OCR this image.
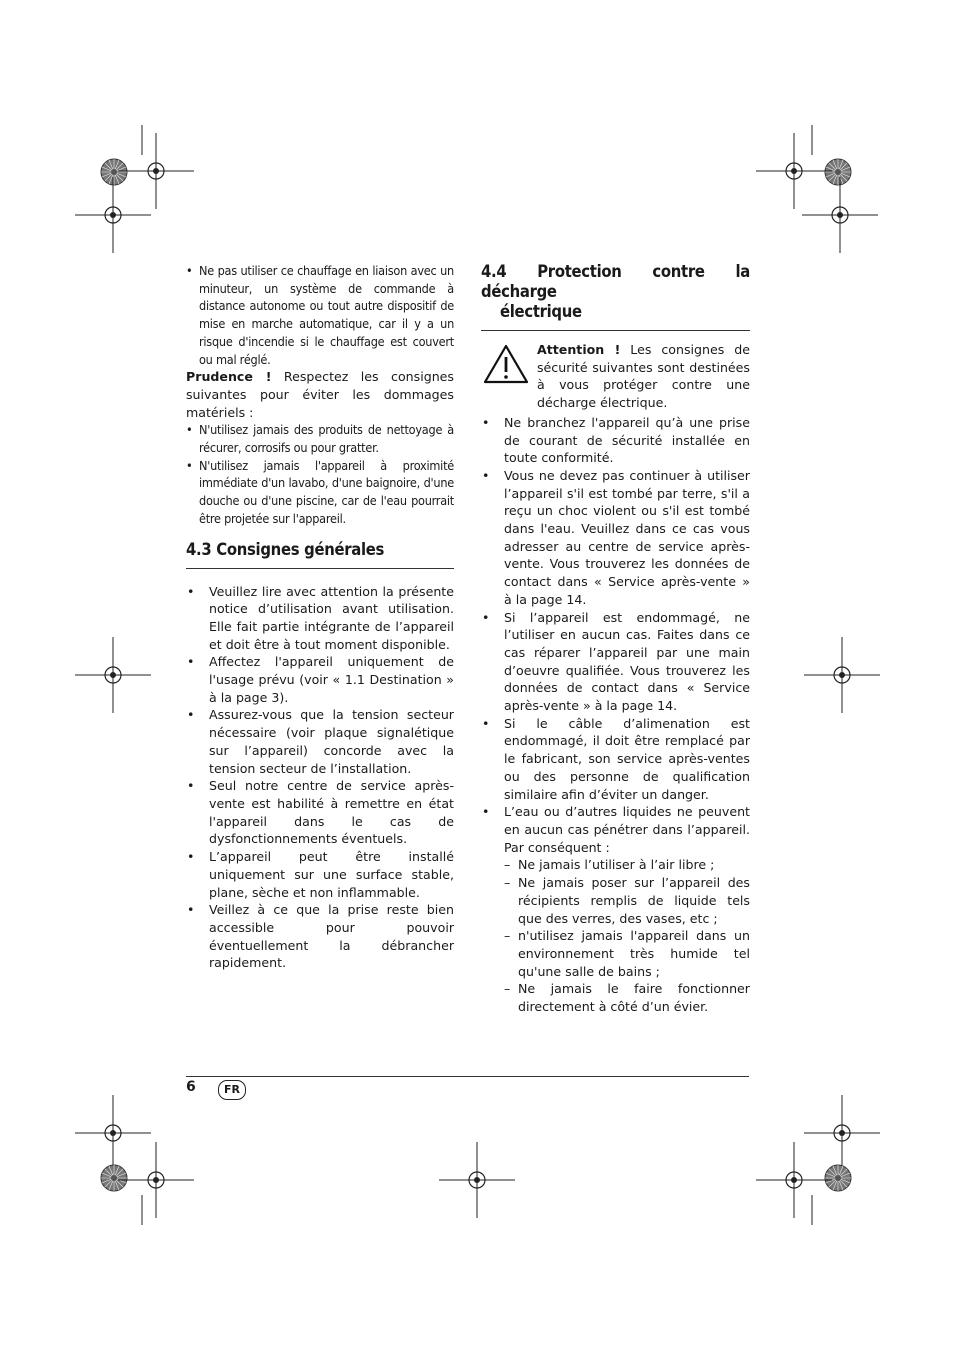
• Ne pas utiliser ce chauffage en liaison avec un minuteur, un système de commande à distance autonome ou tout autre dispositif de mise en marche automatique, car il y a un risque d'incendie si le chauffage est couvert ou mal réglé.

Prudence ! Respectez les consignes suivantes pour éviter les dommages matériels :

• N'utilisez jamais des produits de nettoyage à récurer, corrosifs ou pour gratter.

• N'utilisez jamais l'appareil à proximité immédiate d'un lavabo, d'une baignoire, d'une douche ou d'une piscine, car de l'eau pourrait être projetée sur l'appareil.

4.3 Consignes générales

• Veuillez lire avec attention la présente notice d’utilisation avant utilisation. Elle fait partie intégrante de l’appareil et doit être à tout moment disponible.

• Affectez l'appareil uniquement de l'usage prévu (voir « 1.1 Destination » à la page 3).

• Assurez-vous que la tension secteur nécessaire (voir plaque signalétique sur l’appareil) concorde avec la tension secteur de l’installation.

• Seul notre centre de service après-vente est habilité à remettre en état l'appareil dans le cas de dysfonctionnements éventuels.

• L’appareil peut être installé uniquement sur une surface stable, plane, sèche et non inflammable.

• Veillez à ce que la prise reste bien accessible pour pouvoir éventuellement la débrancher rapidement.

4.4 Protection contre la décharge
électrique

Attention ! Les consignes de sécurité suivantes sont destinées à vous protéger contre une décharge électrique.

• Ne branchez l'appareil qu’à une prise de courant de sécurité installée en toute conformité.

• Vous ne devez pas continuer à utiliser l’appareil s'il est tombé par terre, s'il a reçu un choc violent ou s'il est tombé dans l'eau. Veuillez dans ce cas vous adresser au centre de service après-vente. Vous trouverez les données de contact dans « Service après-vente » à la page 14.

• Si l’appareil est endommagé, ne l’utiliser en aucun cas. Faites dans ce cas réparer l’appareil par une main d’oeuvre qualifiée. Vous trouverez les données de contact dans « Service après-vente » à la page 14.

• Si le câble d’alimenation est endommagé, il doit être remplacé par le fabricant, son service après-ventes ou des personne de qualification similaire afin d’éviter un danger.

• L’eau ou d’autres liquides ne peuvent en aucun cas pénétrer dans l’appareil. Par conséquent :

– Ne jamais l’utiliser à l’air libre ;

– Ne jamais poser sur l’appareil des récipients remplis de liquide tels que des verres, des vases, etc ;

– n'utilisez jamais l'appareil dans un environnement très humide tel qu'une salle de bains ;

– Ne jamais le faire fonctionner directement à côté d’un évier.

6	FR
